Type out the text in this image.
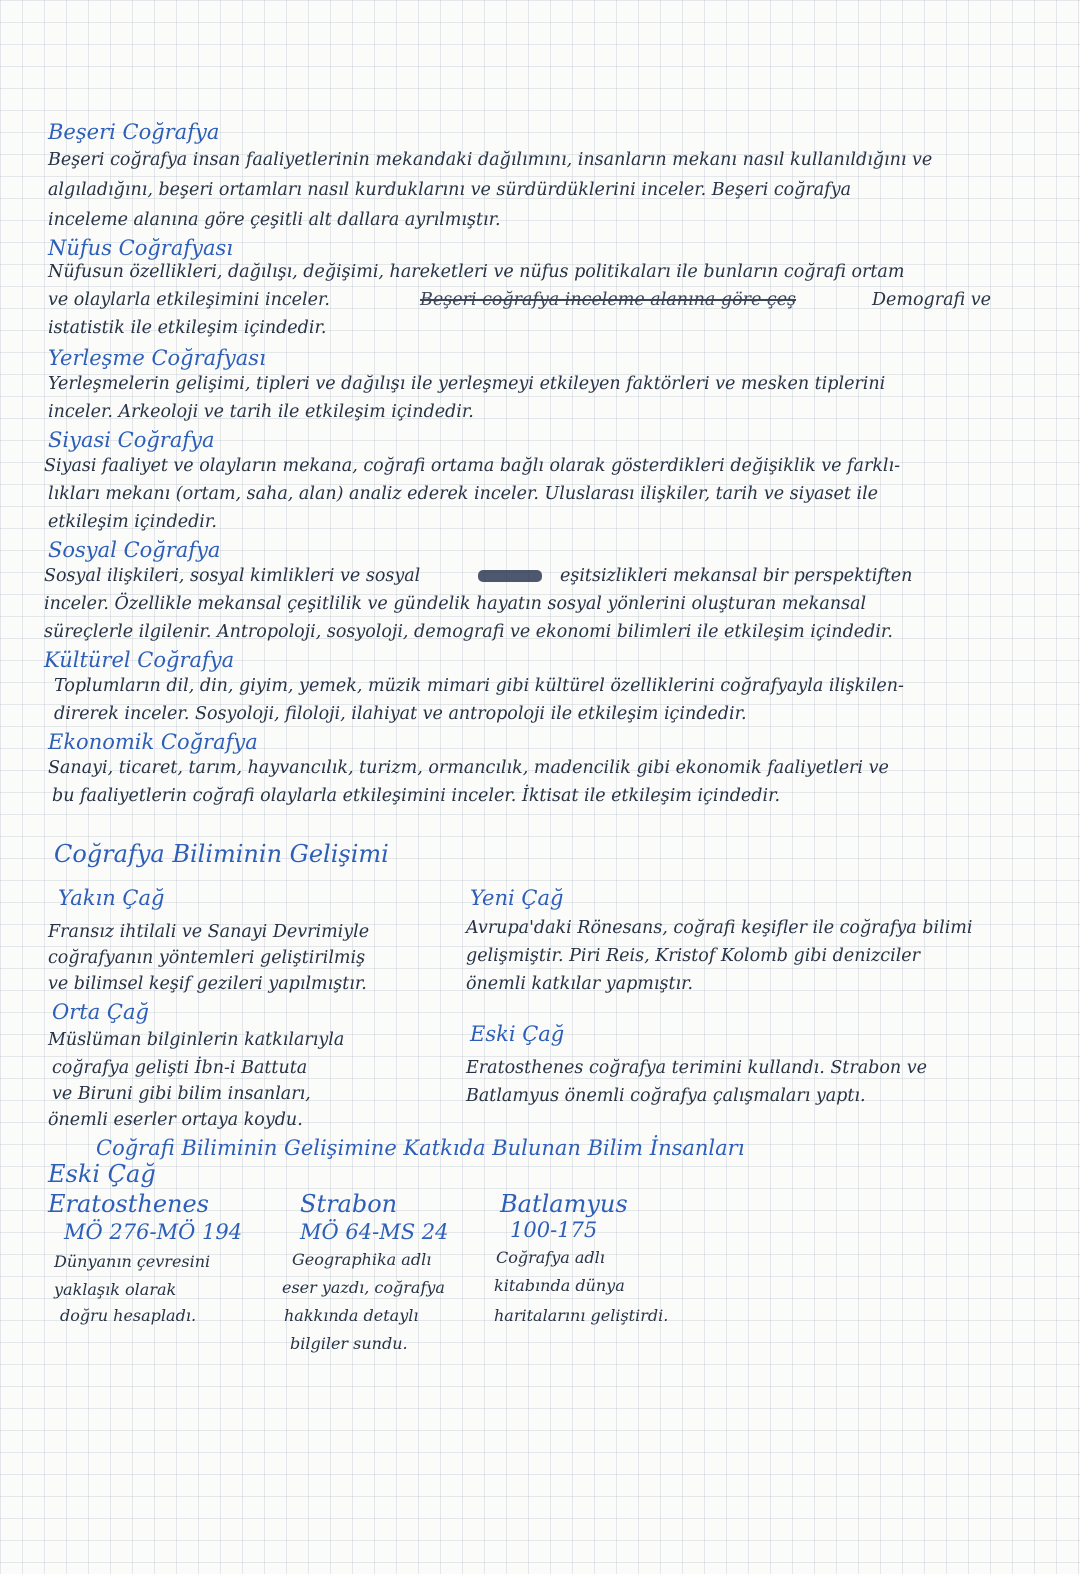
Beşeri Coğrafya
Beşeri coğrafya insan faaliyetlerinin mekandaki dağılımını, insanların mekanı nasıl kullanıldığını ve
algıladığını, beşeri ortamları nasıl kurduklarını ve sürdürdüklerini inceler. Beşeri coğrafya
inceleme alanına göre çeşitli alt dallara ayrılmıştır.
Nüfus Coğrafyası
Nüfusun özellikleri, dağılışı, değişimi, hareketleri ve nüfus politikaları ile bunların coğrafi ortam
ve olaylarla etkileşimini inceler.	Beşeri coğrafya inceleme alanına göre çeş	Demografi ve
istatistik ile etkileşim içindedir.
Yerleşme Coğrafyası
Yerleşmelerin gelişimi, tipleri ve dağılışı ile yerleşmeyi etkileyen faktörleri ve mesken tiplerini
inceler. Arkeoloji ve tarih ile etkileşim içindedir.
Siyasi Coğrafya
Siyasi faaliyet ve olayların mekana, coğrafi ortama bağlı olarak gösterdikleri değişiklik ve farklı-
lıkları mekanı (ortam, saha, alan) analiz ederek inceler. Uluslarası ilişkiler, tarih ve siyaset ile
etkileşim içindedir.
Sosyal Coğrafya
Sosyal ilişkileri, sosyal kimlikleri ve sosyal	eşitsizlikleri mekansal bir perspektiften
inceler. Özellikle mekansal çeşitlilik ve gündelik hayatın sosyal yönlerini oluşturan mekansal
süreçlerle ilgilenir. Antropoloji, sosyoloji, demografi ve ekonomi bilimleri ile etkileşim içindedir.
Kültürel Coğrafya
Toplumların dil, din, giyim, yemek, müzik mimari gibi kültürel özelliklerini coğrafyayla ilişkilen-
direrek inceler. Sosyoloji, filoloji, ilahiyat ve antropoloji ile etkileşim içindedir.
Ekonomik Coğrafya
Sanayi, ticaret, tarım, hayvancılık, turizm, ormancılık, madencilik gibi ekonomik faaliyetleri ve
bu faaliyetlerin coğrafi olaylarla etkileşimini inceler. İktisat ile etkileşim içindedir.
Coğrafya Biliminin Gelişimi
Yakın Çağ
Fransız ihtilali ve Sanayi Devrimiyle
coğrafyanın yöntemleri geliştirilmiş
ve bilimsel keşif gezileri yapılmıştır.
Yeni Çağ
Avrupa'daki Rönesans, coğrafi keşifler ile coğrafya bilimi
gelişmiştir. Piri Reis, Kristof Kolomb gibi denizciler
önemli katkılar yapmıştır.
Orta Çağ
Müslüman bilginlerin katkılarıyla
coğrafya gelişti İbn-i Battuta
ve Biruni gibi bilim insanları,
önemli eserler ortaya koydu.
Eski Çağ
Eratosthenes coğrafya terimini kullandı. Strabon ve
Batlamyus önemli coğrafya çalışmaları yaptı.
Coğrafi Biliminin Gelişimine Katkıda Bulunan Bilim İnsanları
Eski Çağ
Eratosthenes
MÖ 276-MÖ 194
Dünyanın çevresini
yaklaşık olarak
doğru hesapladı.
Strabon
MÖ 64-MS 24
Geographika adlı
eser yazdı, coğrafya
hakkında detaylı
bilgiler sundu.
Batlamyus
100-175
Coğrafya adlı
kitabında dünya
haritalarını geliştirdi.
